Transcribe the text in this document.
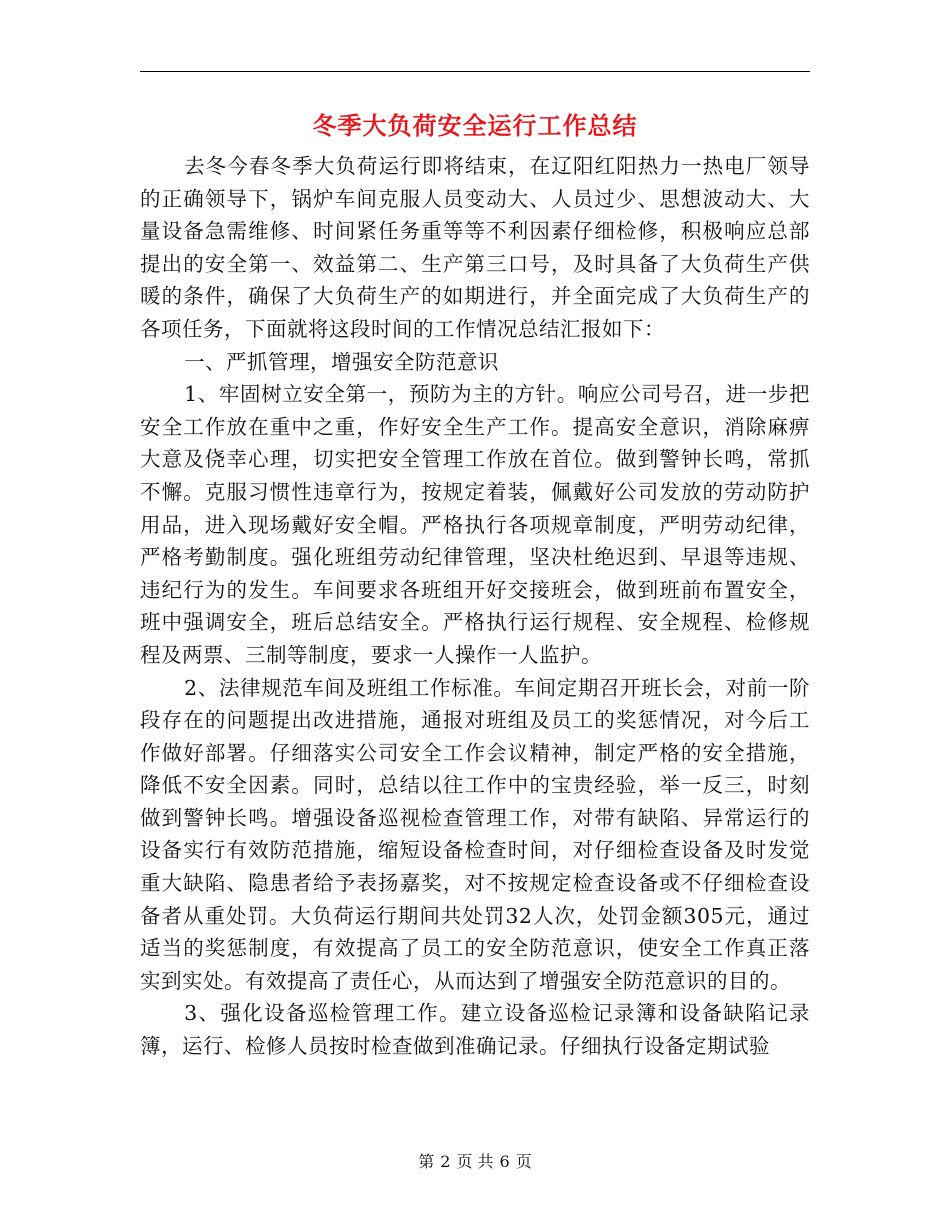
冬季大负荷安全运行工作总结

去冬今春冬季大负荷运行即将结束，在辽阳红阳热力一热电厂领导的正确领导下，锅炉车间克服人员变动大、人员过少、思想波动大、大量设备急需维修、时间紧任务重等等不利因素仔细检修，积极响应总部提出的安全第一、效益第二、生产第三口号，及时具备了大负荷生产供暖的条件，确保了大负荷生产的如期进行，并全面完成了大负荷生产的各项任务，下面就将这段时间的工作情况总结汇报如下：

一、严抓管理，增强安全防范意识

1、牢固树立安全第一，预防为主的方针。响应公司号召，进一步把安全工作放在重中之重，作好安全生产工作。提高安全意识，消除麻痹大意及侥幸心理，切实把安全管理工作放在首位。做到警钟长鸣，常抓不懈。克服习惯性违章行为，按规定着装，佩戴好公司发放的劳动防护用品，进入现场戴好安全帽。严格执行各项规章制度，严明劳动纪律，严格考勤制度。强化班组劳动纪律管理，坚决杜绝迟到、早退等违规、违纪行为的发生。车间要求各班组开好交接班会，做到班前布置安全，班中强调安全，班后总结安全。严格执行运行规程、安全规程、检修规程及两票、三制等制度，要求一人操作一人监护。

2、法律规范车间及班组工作标准。车间定期召开班长会，对前一阶段存在的问题提出改进措施，通报对班组及员工的奖惩情况，对今后工作做好部署。仔细落实公司安全工作会议精神，制定严格的安全措施，降低不安全因素。同时，总结以往工作中的宝贵经验，举一反三，时刻做到警钟长鸣。增强设备巡视检查管理工作，对带有缺陷、异常运行的设备实行有效防范措施，缩短设备检查时间，对仔细检查设备及时发觉重大缺陷、隐患者给予表扬嘉奖，对不按规定检查设备或不仔细检查设备者从重处罚。大负荷运行期间共处罚32人次，处罚金额305元，通过适当的奖惩制度，有效提高了员工的安全防范意识，使安全工作真正落实到实处。有效提高了责任心，从而达到了增强安全防范意识的目的。

3、强化设备巡检管理工作。建立设备巡检记录簿和设备缺陷记录簿，运行、检修人员按时检查做到准确记录。仔细执行设备定期试验

第 2 页 共 6 页
